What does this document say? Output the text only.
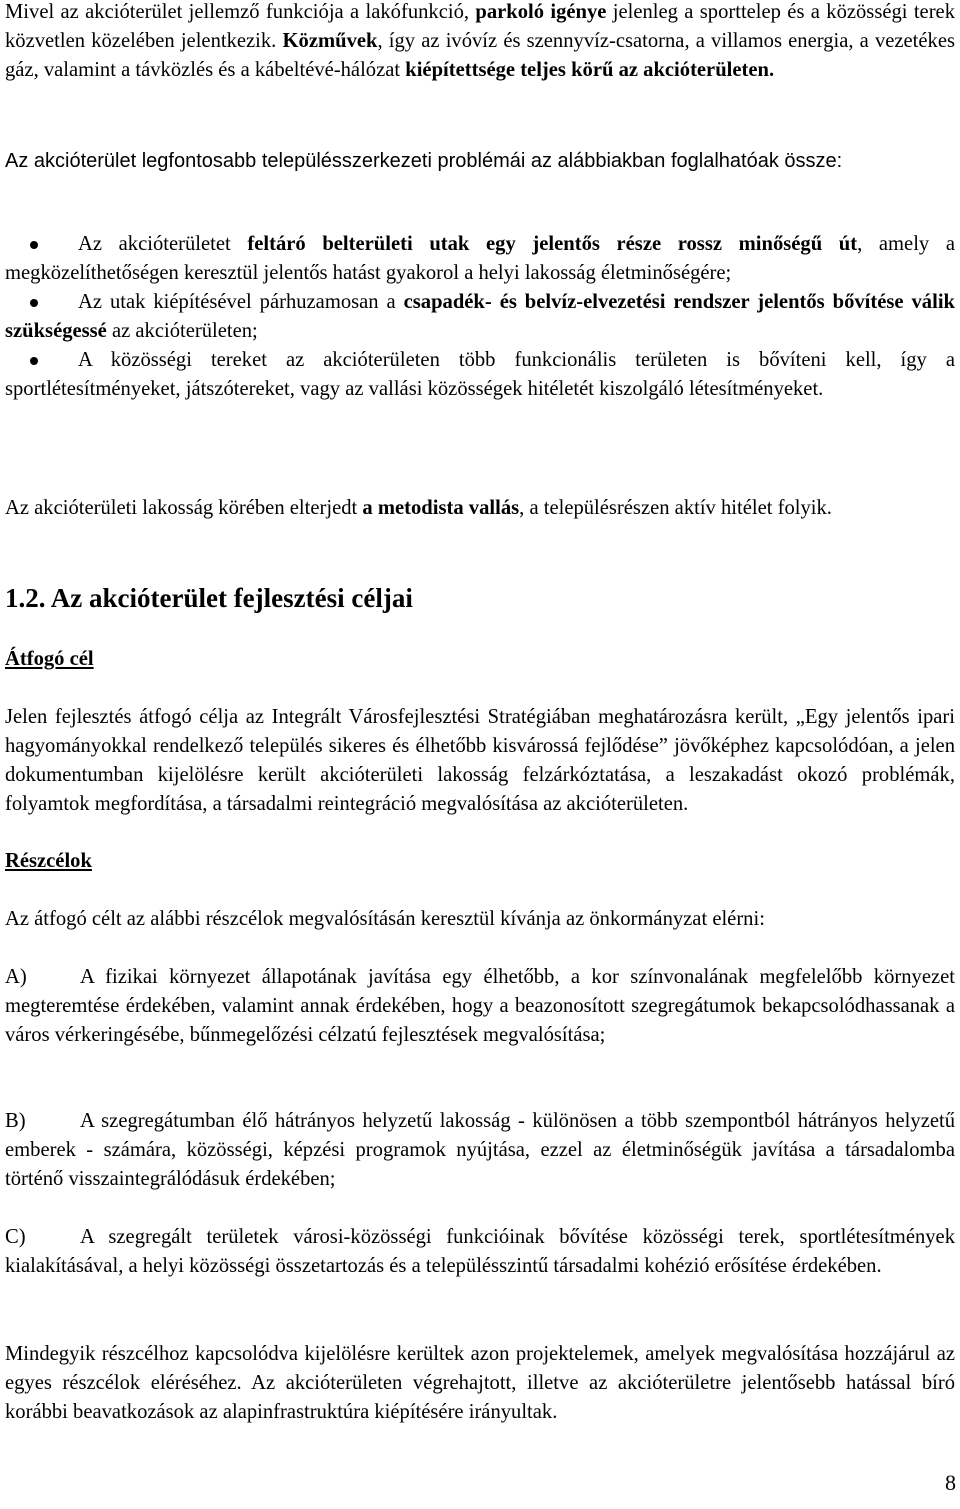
Mivel az akcióterület jellemző funkciója a lakófunkció, parkoló igénye jelenleg a sporttelep és a közösségi terek közvetlen közelében jelentkezik. Közművek, így az ivóvíz és szennyvíz-csatorna, a villamos energia, a vezetékes gáz, valamint a távközlés és a kábeltévé-hálózat kiépítettsége teljes körű az akcióterületen.

Az akcióterület legfontosabb településszerkezeti problémái az alábbiakban foglalhatóak össze:

Az akcióterületet feltáró belterületi utak egy jelentős része rossz minőségű út, amely a megközelíthetőségen keresztül jelentős hatást gyakorol a helyi lakosság életminőségére;
Az utak kiépítésével párhuzamosan a csapadék- és belvíz-elvezetési rendszer jelentős bővítése válik szükségessé az akcióterületen;
A közösségi tereket az akcióterületen több funkcionális területen is bővíteni kell, így a sportlétesítményeket, játszótereket, vagy az vallási közösségek hitéletét kiszolgáló létesítményeket.

Az akcióterületi lakosság körében elterjedt a metodista vallás, a településrészen aktív hitélet folyik.

1.2. Az akcióterület fejlesztési céljai

Átfogó cél

Jelen fejlesztés átfogó célja az Integrált Városfejlesztési Stratégiában meghatározásra került, „Egy jelentős ipari hagyományokkal rendelkező település sikeres és élhetőbb kisvárossá fejlődése” jövőképhez kapcsolódóan, a jelen dokumentumban kijelölésre került akcióterületi lakosság felzárkóztatása, a leszakadást okozó problémák, folyamtok megfordítása, a társadalmi reintegráció megvalósítása az akcióterületen.

Részcélok

Az átfogó célt az alábbi részcélok megvalósításán keresztül kívánja az önkormányzat elérni:

A)	A fizikai környezet állapotának javítása egy élhetőbb, a kor színvonalának megfelelőbb környezet megteremtése érdekében, valamint annak érdekében, hogy a beazonosított szegregátumok bekapcsolódhassanak a város vérkeringésébe, bűnmegelőzési célzatú fejlesztések megvalósítása;

B)	A szegregátumban élő hátrányos helyzetű lakosság - különösen a több szempontból hátrányos helyzetű emberek - számára, közösségi, képzési programok nyújtása, ezzel az életminőségük javítása a társadalomba történő visszaintegrálódásuk érdekében;

C)	A szegregált területek városi-közösségi funkcióinak bővítése közösségi terek, sportlétesítmények kialakításával, a helyi közösségi összetartozás és a településszintű társadalmi kohézió erősítése érdekében.

Mindegyik részcélhoz kapcsolódva kijelölésre kerültek azon projektelemek, amelyek megvalósítása hozzájárul az egyes részcélok eléréséhez. Az akcióterületen végrehajtott, illetve az akcióterületre jelentősebb hatással bíró korábbi beavatkozások az alapinfrastruktúra kiépítésére irányultak.

8
